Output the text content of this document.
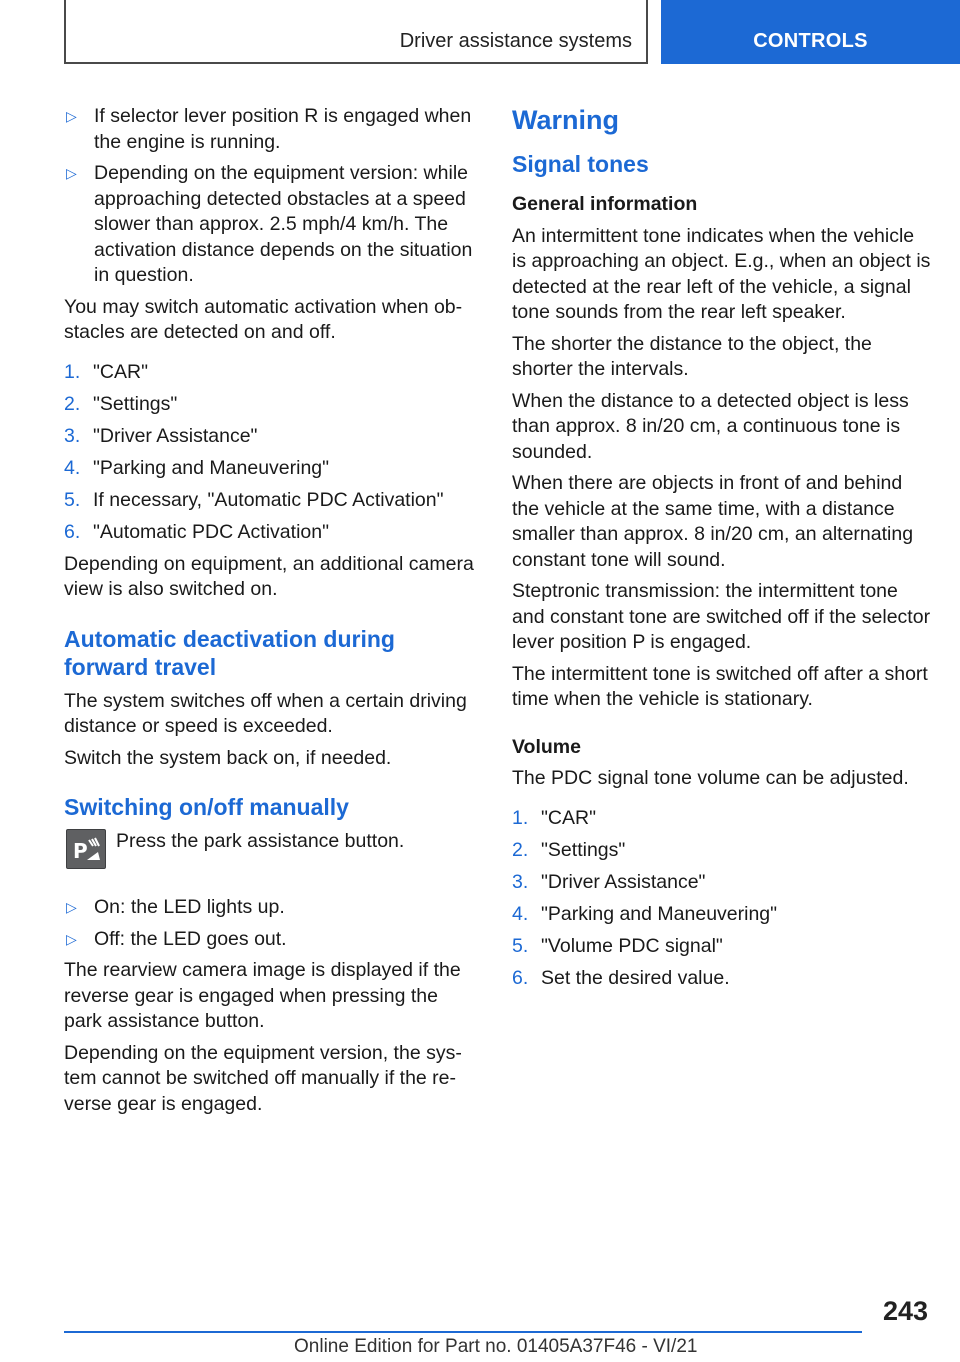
Driver assistance systems	CONTROLS
▷ If selector lever position R is engaged when the engine is running.
▷ Depending on the equipment version: while approaching detected obstacles at a speed slower than approx. 2.5 mph/4 km/h. The activation distance depends on the situation in question.

You may switch automatic activation when obstacles are detected on and off.

1. "CAR"
2. "Settings"
3. "Driver Assistance"
4. "Parking and Maneuvering"
5. If necessary, "Automatic PDC Activation"
6. "Automatic PDC Activation"

Depending on equipment, an additional camera view is also switched on.

Automatic deactivation during forward travel

The system switches off when a certain driving distance or speed is exceeded.

Switch the system back on, if needed.

Switching on/off manually
P Press the park assistance button.
▷ On: the LED lights up.
▷ Off: the LED goes out.

The rearview camera image is displayed if the reverse gear is engaged when pressing the park assistance button.

Depending on the equipment version, the system cannot be switched off manually if the reverse gear is engaged.

Warning
Signal tones
General information

An intermittent tone indicates when the vehicle is approaching an object. E.g., when an object is detected at the rear left of the vehicle, a signal tone sounds from the rear left speaker.

The shorter the distance to the object, the shorter the intervals.

When the distance to a detected object is less than approx. 8 in/20 cm, a continuous tone is sounded.

When there are objects in front of and behind the vehicle at the same time, with a distance smaller than approx. 8 in/20 cm, an alternating constant tone will sound.

Steptronic transmission: the intermittent tone and constant tone are switched off if the selector lever position P is engaged.

The intermittent tone is switched off after a short time when the vehicle is stationary.

Volume

The PDC signal tone volume can be adjusted.

1. "CAR"
2. "Settings"
3. "Driver Assistance"
4. "Parking and Maneuvering"
5. "Volume PDC signal"
6. Set the desired value.
243
Online Edition for Part no. 01405A37F46 - VI/21
